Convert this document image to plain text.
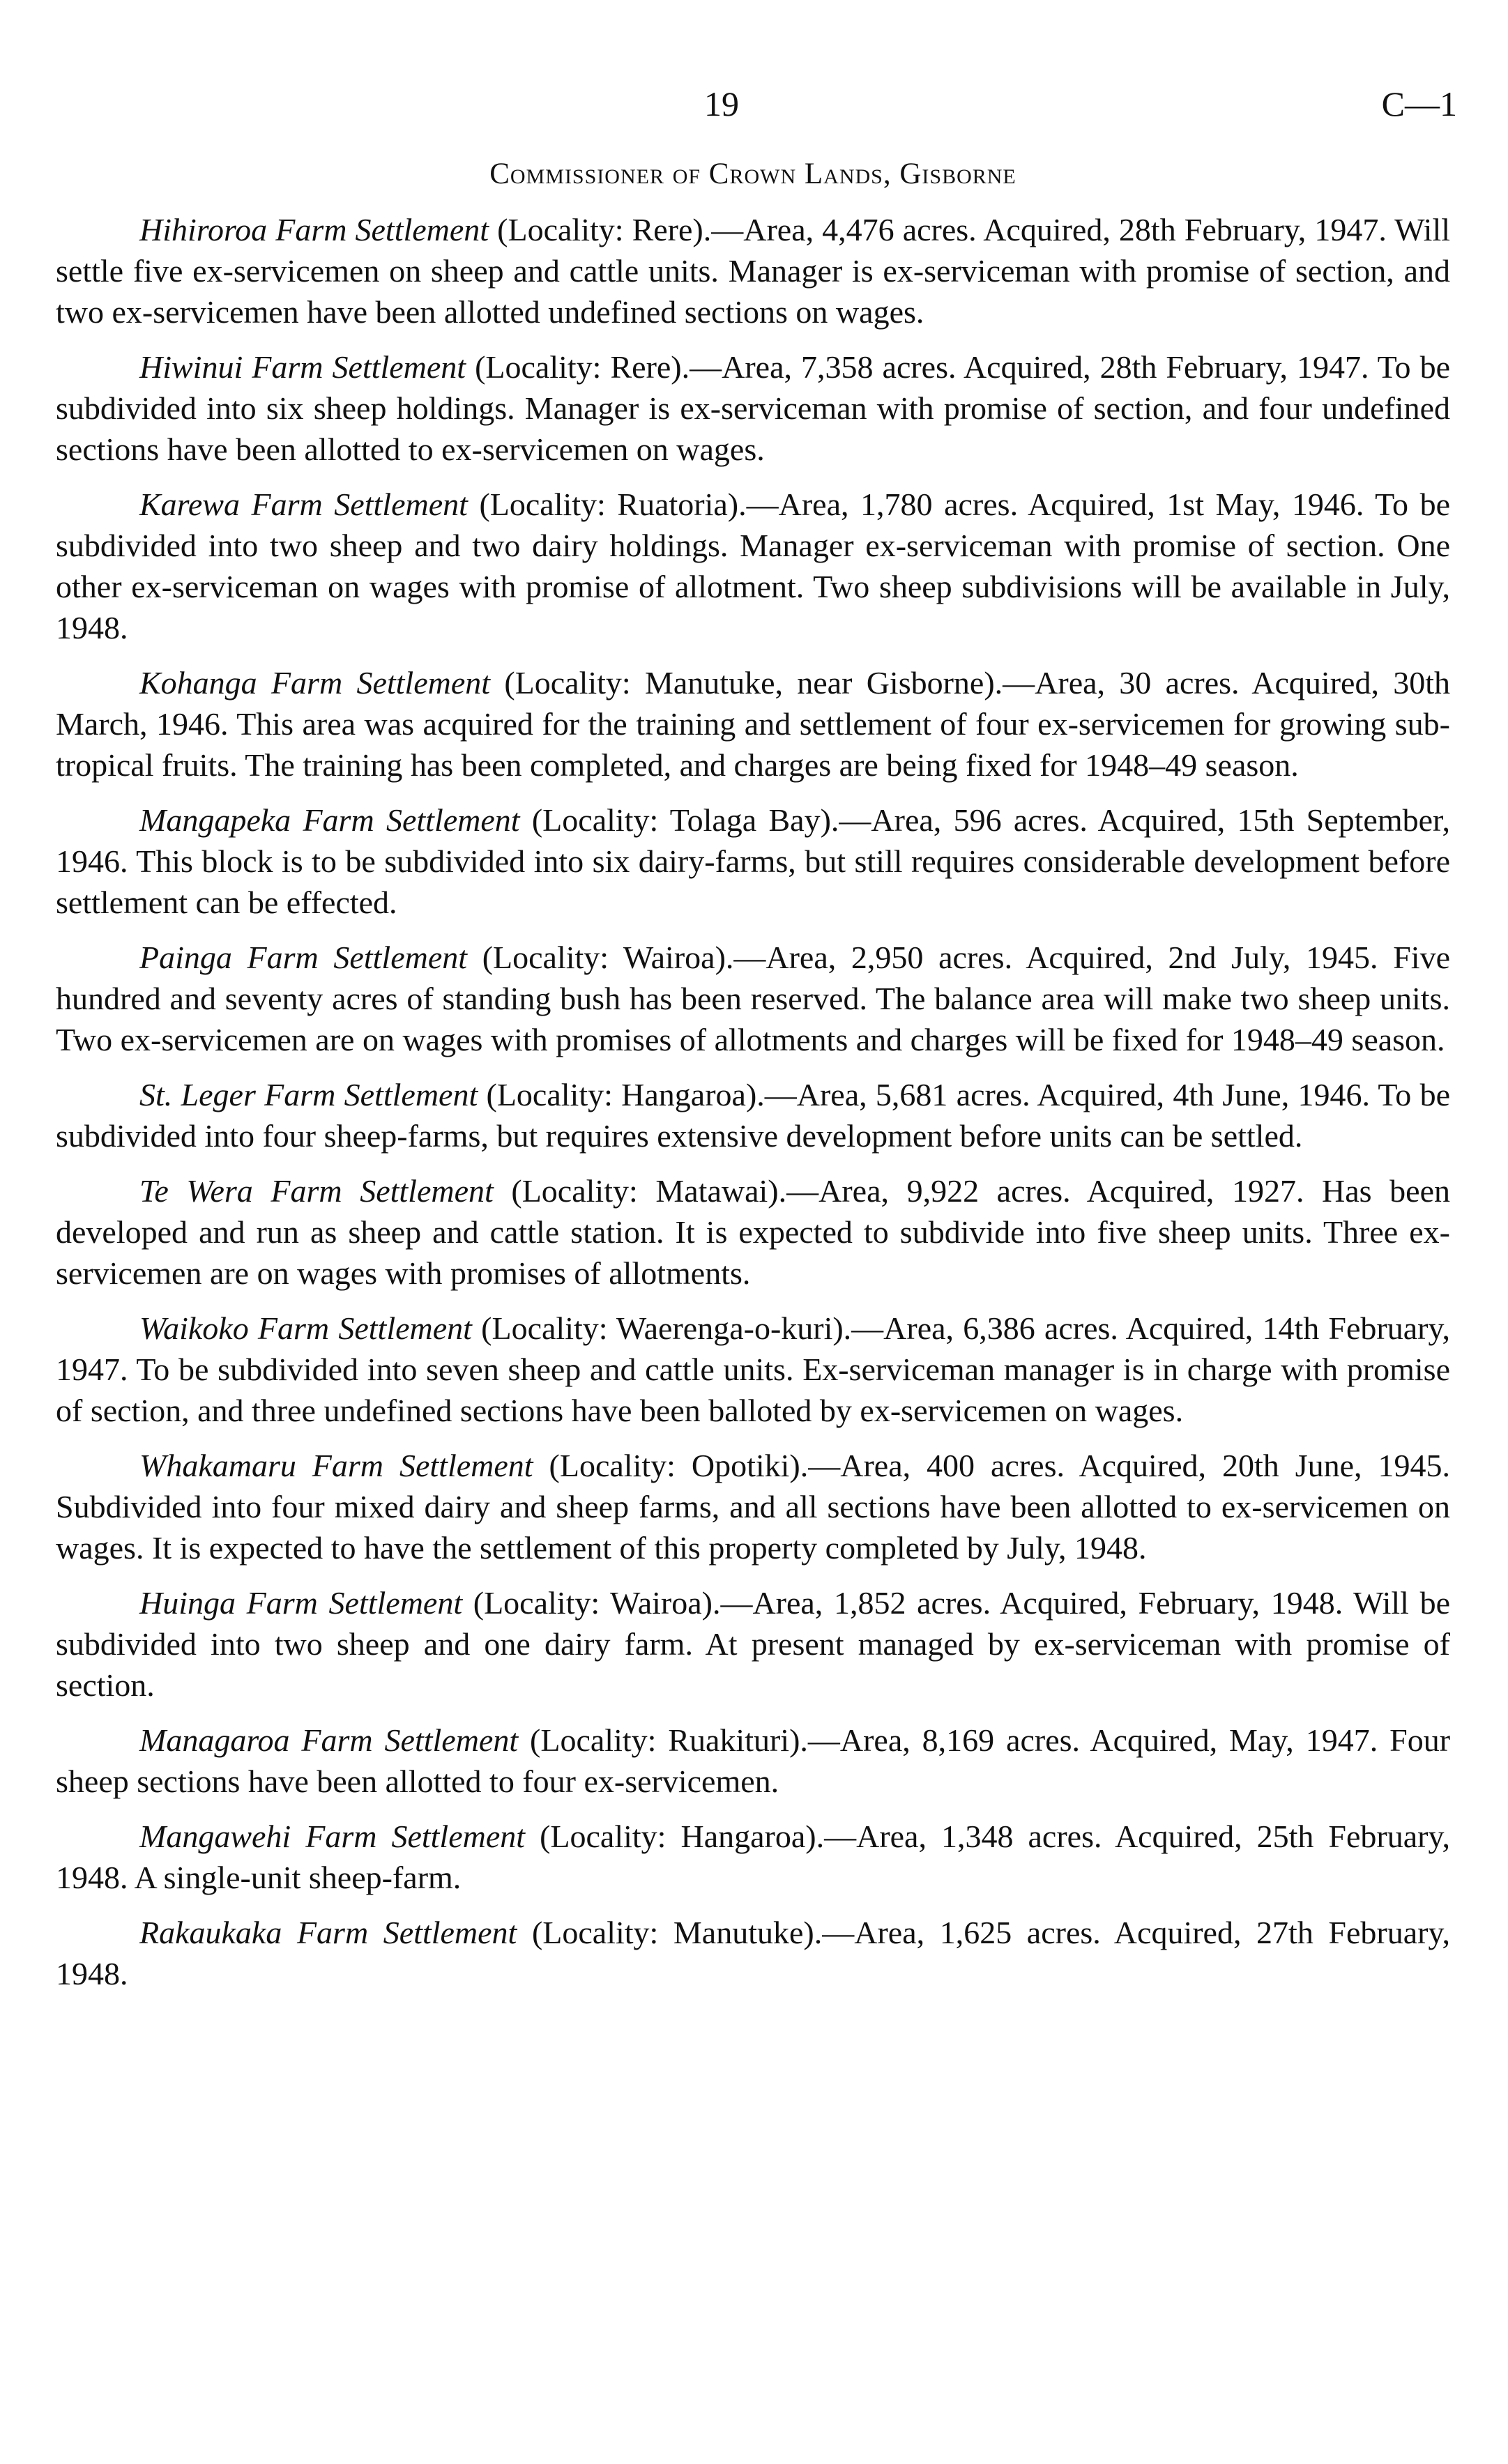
19	C—1
Commissioner of Crown Lands, Gisborne

Hihiroroa Farm Settlement (Locality: Rere).—Area, 4,476 acres. Acquired, 28th February, 1947. Will settle five ex-servicemen on sheep and cattle units. Manager is ex-serviceman with promise of section, and two ex-servicemen have been allotted undefined sections on wages.

Hiwinui Farm Settlement (Locality: Rere).—Area, 7,358 acres. Acquired, 28th February, 1947. To be subdivided into six sheep holdings. Manager is ex-serviceman with promise of section, and four undefined sections have been allotted to ex-servicemen on wages.

Karewa Farm Settlement (Locality: Ruatoria).—Area, 1,780 acres. Acquired, 1st May, 1946. To be subdivided into two sheep and two dairy holdings. Manager ex-serviceman with promise of section. One other ex-serviceman on wages with promise of allotment. Two sheep subdivisions will be available in July, 1948.

Kohanga Farm Settlement (Locality: Manutuke, near Gisborne).—Area, 30 acres. Acquired, 30th March, 1946. This area was acquired for the training and settlement of four ex-servicemen for growing sub-tropical fruits. The training has been completed, and charges are being fixed for 1948–49 season.

Mangapeka Farm Settlement (Locality: Tolaga Bay).—Area, 596 acres. Acquired, 15th September, 1946. This block is to be subdivided into six dairy-farms, but still requires considerable development before settlement can be effected.

Painga Farm Settlement (Locality: Wairoa).—Area, 2,950 acres. Acquired, 2nd July, 1945. Five hundred and seventy acres of standing bush has been reserved. The balance area will make two sheep units. Two ex-servicemen are on wages with promises of allotments and charges will be fixed for 1948–49 season.

St. Leger Farm Settlement (Locality: Hangaroa).—Area, 5,681 acres. Acquired, 4th June, 1946. To be subdivided into four sheep-farms, but requires extensive development before units can be settled.

Te Wera Farm Settlement (Locality: Matawai).—Area, 9,922 acres. Acquired, 1927. Has been developed and run as sheep and cattle station. It is expected to subdivide into five sheep units. Three ex-servicemen are on wages with promises of allotments.

Waikoko Farm Settlement (Locality: Waerenga-o-kuri).—Area, 6,386 acres. Acquired, 14th February, 1947. To be subdivided into seven sheep and cattle units. Ex-serviceman manager is in charge with promise of section, and three undefined sections have been balloted by ex-servicemen on wages.

Whakamaru Farm Settlement (Locality: Opotiki).—Area, 400 acres. Acquired, 20th June, 1945. Subdivided into four mixed dairy and sheep farms, and all sections have been allotted to ex-servicemen on wages. It is expected to have the settlement of this property completed by July, 1948.

Huinga Farm Settlement (Locality: Wairoa).—Area, 1,852 acres. Acquired, February, 1948. Will be subdivided into two sheep and one dairy farm. At present managed by ex-serviceman with promise of section.

Managaroa Farm Settlement (Locality: Ruakituri).—Area, 8,169 acres. Acquired, May, 1947. Four sheep sections have been allotted to four ex-servicemen.

Mangawehi Farm Settlement (Locality: Hangaroa).—Area, 1,348 acres. Acquired, 25th February, 1948. A single-unit sheep-farm.

Rakaukaka Farm Settlement (Locality: Manutuke).—Area, 1,625 acres. Acquired, 27th February, 1948.
